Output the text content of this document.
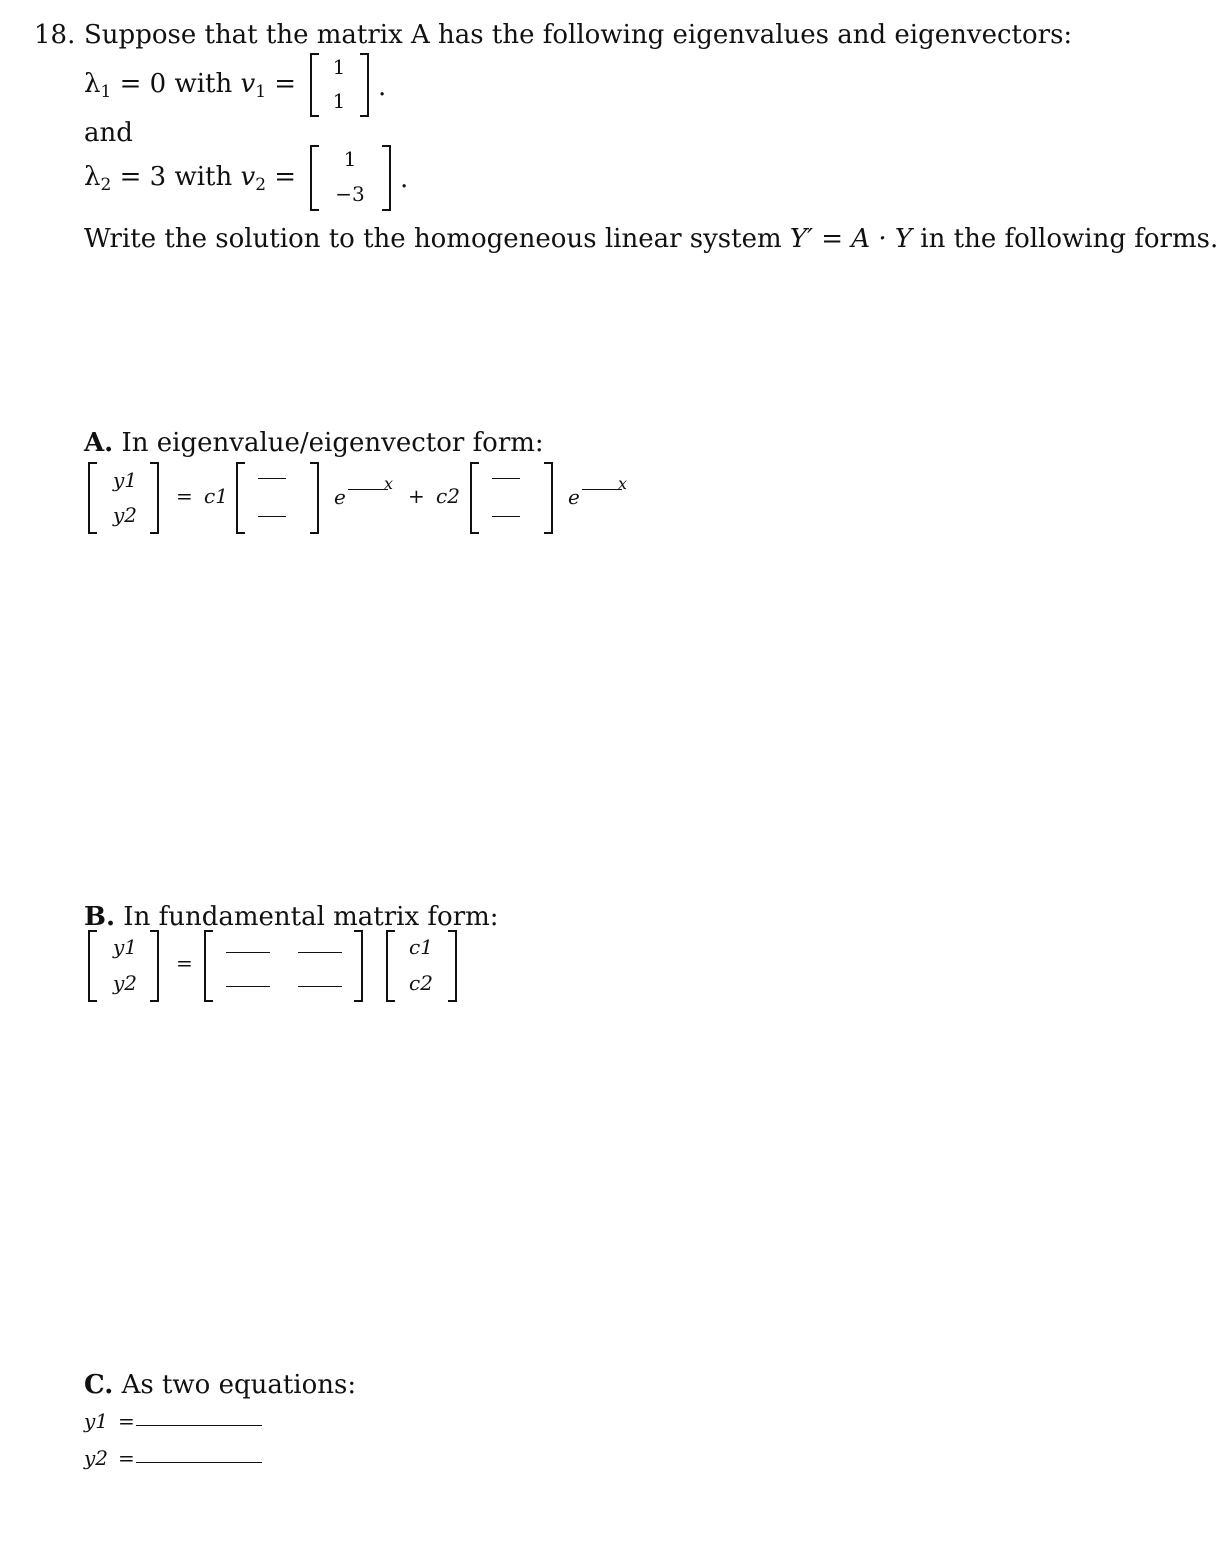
18. Suppose that the matrix A has the following eigenvalues and eigenvectors:
$\lambda_1 = 0$ with $v_1$ =
1
1	.
and
$\lambda_2 = 3$ with $v_2$ =
1
−3	.
Write the solution to the homogeneous linear system Y′ = A · Y in the following forms.
A. In eigenvalue/eigenvector form:
y1
y2
= c1	e
x
+ c2	e
x
B. In fundamental matrix form:
y1
y2
=
c1
c2
C. As two equations:
y1 =
y2 =
